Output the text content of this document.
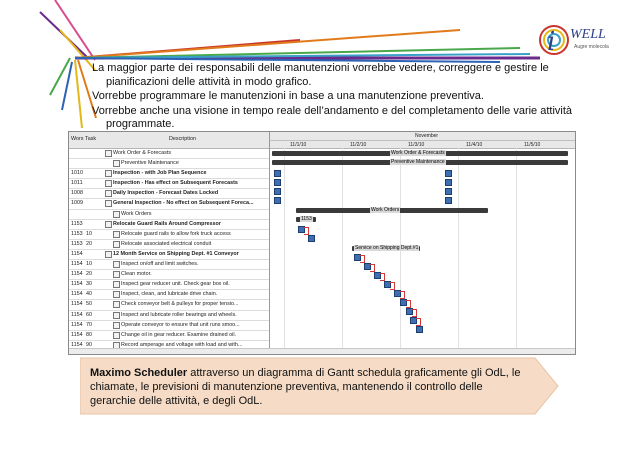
i WELL
Augre molecola

La maggior parte dei responsabili delle manutenzioni vorrebbe vedere, correggere e gestire le pianificazioni delle attività in modo grafico.

Vorrebbe programmare le manutenzioni in base a una manutenzione preventiva.

Vorrebbe anche una visione in tempo reale dell’andamento e del completamento delle varie attività programmate.

Wors Task	Description
Work Order & Forecasts
Preventive Maintenance
1010	Inspection - with Job Plan Sequence
1011	Inspection - Has effect on Subsequent Forecasts
1008	Daily Inspection - Forecast Dates Locked
1009	General Inspection - No effect on Subsequent Foreca...
Work Orders
1153	Relocate Guard Rails Around Compressor
1153 10	Relocate guard rails to allow fork truck access
1153 20	Relocate associated electrical conduit
1154	12 Month Service on Shipping Dept. #1 Conveyor
1154 10	Inspect on/off and limit switches.
1154 20	Clean motor.
1154 30	Inspect gear reducer unit. Check gear box oil.
1154 40	Inspect, clean, and lubricate drive chain.
1154 50	Check conveyor belt & pulleys for proper tensio...
1154 60	Inspect and lubricate roller bearings and wheels.
1154 70	Operate conveyor to ensure that unit runs smoo...
1154 80	Change oil in gear reducer. Examine drained oil.
1154 90	Record amperage and voltage with load and with...
November
11/1/10	11/2/10	11/3/10	11/4/10	11/5/10
Work Order & Forecasts
Preventive Maintenance
Work Orders
1153
Service on Shipping Dept.#1
Maximo Scheduler attraverso un diagramma di Gantt schedula graficamente gli OdL, le chiamate, le previsioni di manutenzione preventiva, mantenendo il controllo delle gerarchie delle attività, e degli OdL.
